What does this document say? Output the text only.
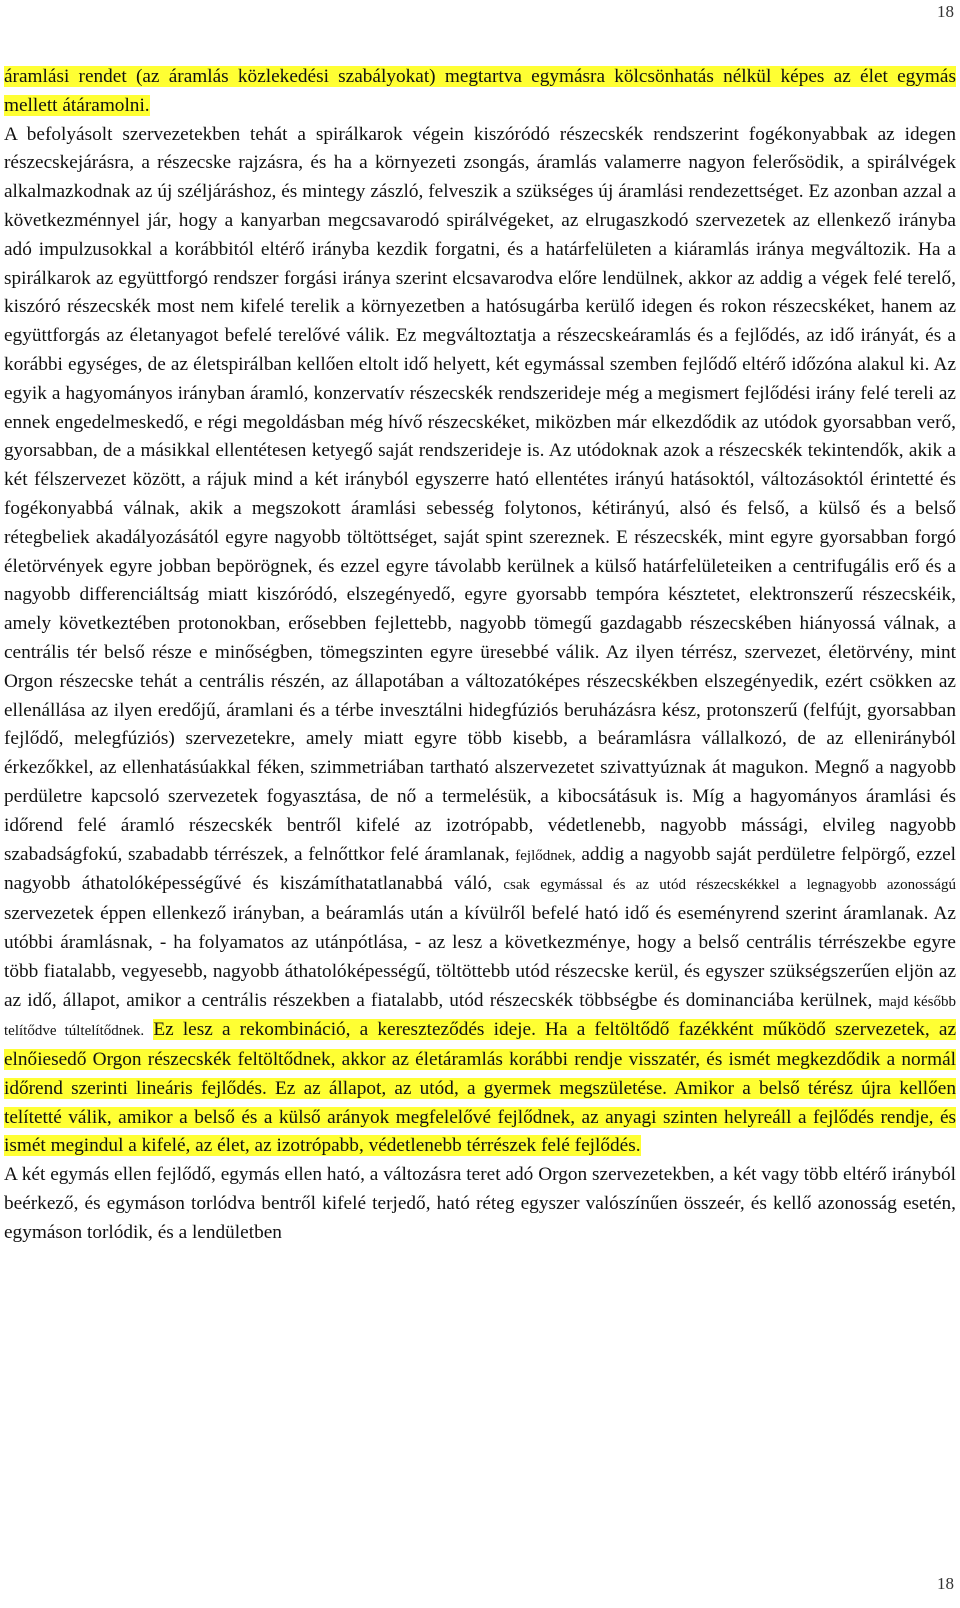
18

áramlási rendet (az áramlás közlekedési szabályokat) megtartva egymásra kölcsönhatás nélkül képes az élet egymás mellett átáramolni.
A befolyásolt szervezetekben tehát a spirálkarok végein kiszóródó részecskék rendszerint fogékonyabbak az idegen részecskejárásra, a részecske rajzásra, és ha a környezeti zsongás, áramlás valamerre nagyon felerősödik, a spirálvégek alkalmazkodnak az új széljáráshoz, és mintegy zászló, felveszik a szükséges új áramlási rendezettséget. Ez azonban azzal a következménnyel jár, hogy a kanyarban megcsavarodó spirálvégeket, az elrugaszkodó szervezetek az ellenkező irányba adó impulzusokkal a korábbitól eltérő irányba kezdik forgatni, és a határfelületen a kiáramlás iránya megváltozik. Ha a spirálkarok az együttforgó rendszer forgási iránya szerint elcsavarodva előre lendülnek, akkor az addig a végek felé terelő, kiszóró részecskék most nem kifelé terelik a környezetben a hatósugárba kerülő idegen és rokon részecskéket, hanem az együttforgás az életanyagot befelé terelővé válik. Ez megváltoztatja a részecskeáramlás és a fejlődés, az idő irányát, és a korábbi egységes, de az életspirálban kellően eltolt idő helyett, két egymással szemben fejlődő eltérő időzóna alakul ki. Az egyik a hagyományos irányban áramló, konzervatív részecskék rendszerideje még a megismert fejlődési irány felé tereli az ennek engedelmeskedő, e régi megoldásban még hívő részecskéket, miközben már elkezdődik az utódok gyorsabban verő, gyorsabban, de a másikkal ellentétesen ketyegő saját rendszerideje is. Az utódoknak azok a részecskék tekintendők, akik a két félszervezet között, a rájuk mind a két irányból egyszerre ható ellentétes irányú hatásoktól, változásoktól érintetté és fogékonyabbá válnak, akik a megszokott áramlási sebesség folytonos, kétirányú, alsó és felső, a külső és a belső rétegbeliek akadályozásától egyre nagyobb töltöttséget, saját spint szereznek. E részecskék, mint egyre gyorsabban forgó életörvények egyre jobban bepörögnek, és ezzel egyre távolabb kerülnek a külső határfelületeiken a centrifugális erő és a nagyobb differenciáltság miatt kiszóródó, elszegényedő, egyre gyorsabb tempóra késztetet, elektronszerű részecskéik, amely következtében protonokban, erősebben fejlettebb, nagyobb tömegű gazdagabb részecskében hiányossá válnak, a centrális tér belső része e minőségben, tömegszinten egyre üresebbé válik. Az ilyen térrész, szervezet, életörvény, mint Orgon részecske tehát a centrális részén, az állapotában a változatóképes részecskékben elszegényedik, ezért csökken az ellenállása az ilyen eredőjű, áramlani és a térbe invesztálni hidegfúziós beruházásra kész, protonszerű (felfújt, gyorsabban fejlődő, melegfúziós) szervezetekre, amely miatt egyre több kisebb, a beáramlásra vállalkozó, de az ellenirányból érkezőkkel, az ellenhatásúakkal féken, szimmetriában tartható alszervezetet szivattyúznak át magukon. Megnő a nagyobb perdületre kapcsoló szervezetek fogyasztása, de nő a termelésük, a kibocsátásuk is. Míg a hagyományos áramlási és időrend felé áramló részecskék bentről kifelé az izotrópabb, védetlenebb, nagyobb mássági, elvileg nagyobb szabadságfokú, szabadabb térrészek, a felnőttkor felé áramlanak, fejlődnek, addig a nagyobb saját perdületre felpörgő, ezzel nagyobb áthatolóképességűvé és kiszámíthatatlanabbá váló, csak egymással és az utód részecskékkel a legnagyobb azonosságú szervezetek éppen ellenkező irányban, a beáramlás után a kívülről befelé ható idő és eseményrend szerint áramlanak. Az utóbbi áramlásnak, - ha folyamatos az utánpótlása, - az lesz a következménye, hogy a belső centrális térrészekbe egyre több fiatalabb, vegyesebb, nagyobb áthatolóképességű, töltöttebb utód részecske kerül, és egyszer szükségszerűen eljön az az idő, állapot, amikor a centrális részekben a fiatalabb, utód részecskék többségbe és dominanciába kerülnek, majd később telítődve túltelítődnek. Ez lesz a rekombináció, a kereszteződés ideje. Ha a feltöltődő fazékként működő szervezetek, az elnőiesedő Orgon részecskék feltöltődnek, akkor az életáramlás korábbi rendje visszatér, és ismét megkezdődik a normál időrend szerinti lineáris fejlődés. Ez az állapot, az utód, a gyermek megszületése. Amikor a belső térész újra kellően telítetté válik, amikor a belső és a külső arányok megfelelővé fejlődnek, az anyagi szinten helyreáll a fejlődés rendje, és ismét megindul a kifelé, az élet, az izotrópabb, védetlenebb térrészek felé fejlődés.

A két egymás ellen fejlődő, egymás ellen ható, a változásra teret adó Orgon szervezetekben, a két vagy több eltérő irányból beérkező, és egymáson torlódva bentről kifelé terjedő, ható réteg egyszer valószínűen összeér, és kellő azonosság esetén, egymáson torlódik, és a lendületben

18
